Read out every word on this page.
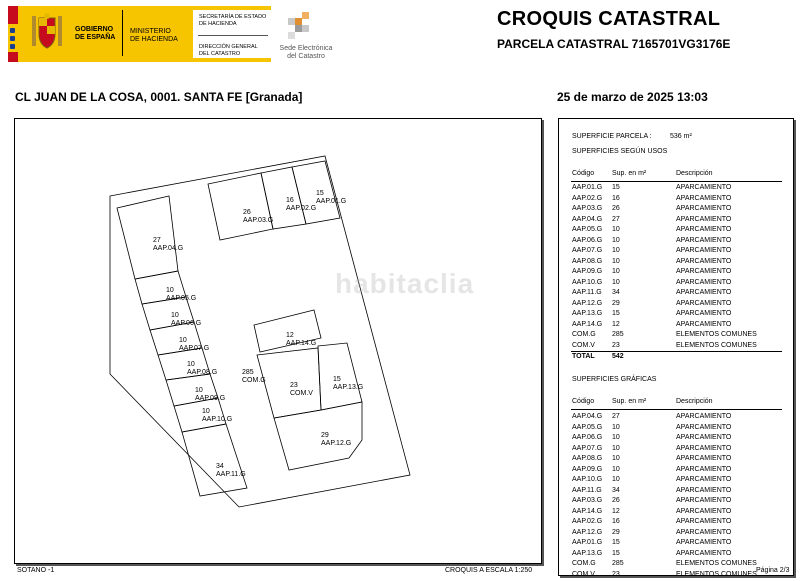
GOBIERNO
DE ESPAÑA
MINISTERIO
DE HACIENDA
SECRETARÍA DE ESTADO
DE HACIENDA
DIRECCIÓN GENERAL
DEL CATASTRO
Sede Electrónica
del Catastro
CROQUIS CATASTRAL
PARCELA CATASTRAL 7165701VG3176E
CL JUAN DE LA COSA, 0001. SANTA FE [Granada]	25 de marzo de 2025 13:03
15
AAP.01.G
16
AAP.02.G
26
AAP.03.G
27
AAP.04.G
10
AAP.05.G
10
AAP.06.G
10
AAP.07.G
10
AAP.08.G
10
AAP.09.G
10
AAP.10.G
34
AAP.11.G
12
AAP.14.G
285
COM.G
23
COM.V
15
AAP.13.G
29
AAP.12.G
habitaclia
SUPERFICIE PARCELA :	536 m²
SUPERFICIES SEGÚN USOS
Código	Sup. en m²	Descripción
AAP.01.G 15	APARCAMIENTO
AAP.02.G 16	APARCAMIENTO
AAP.03.G 26	APARCAMIENTO
AAP.04.G 27	APARCAMIENTO
AAP.05.G 10	APARCAMIENTO
AAP.06.G 10	APARCAMIENTO
AAP.07.G 10	APARCAMIENTO
AAP.08.G 10	APARCAMIENTO
AAP.09.G 10	APARCAMIENTO
AAP.10.G 10	APARCAMIENTO
AAP.11.G 34	APARCAMIENTO
AAP.12.G 29	APARCAMIENTO
AAP.13.G 15	APARCAMIENTO
AAP.14.G 12	APARCAMIENTO
COM.G 285	ELEMENTOS COMUNES
COM.V 23	ELEMENTOS COMUNES
TOTAL 542
SUPERFICIES GRÁFICAS
Código	Sup. en m²	Descripción
AAP.04.G 27	APARCAMIENTO
AAP.05.G 10	APARCAMIENTO
AAP.06.G 10	APARCAMIENTO
AAP.07.G 10	APARCAMIENTO
AAP.08.G 10	APARCAMIENTO
AAP.09.G 10	APARCAMIENTO
AAP.10.G 10	APARCAMIENTO
AAP.11.G 34	APARCAMIENTO
AAP.03.G 26	APARCAMIENTO
AAP.14.G 12	APARCAMIENTO
AAP.02.G 16	APARCAMIENTO
AAP.12.G 29	APARCAMIENTO
AAP.01.G 15	APARCAMIENTO
AAP.13.G 15	APARCAMIENTO
COM.G 285	ELEMENTOS COMUNES
COM.V 23	ELEMENTOS COMUNES
SOTANO -1	CROQUIS A ESCALA 1:250	Página 2/3
